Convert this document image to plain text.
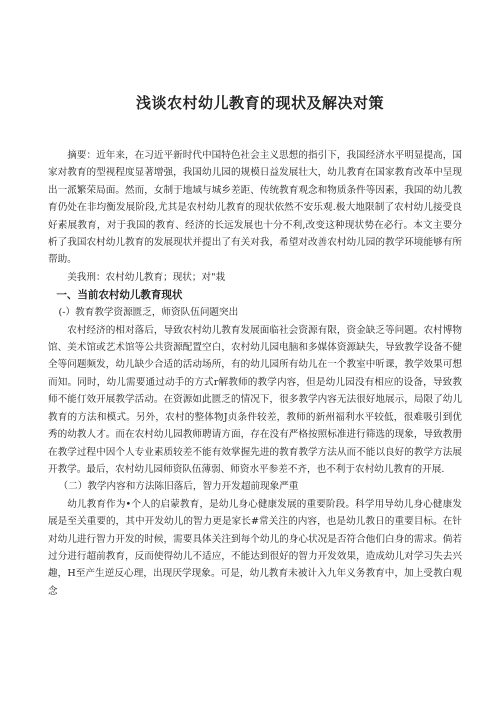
浅谈农村幼儿教育的现状及解决对策

摘要：近年来，在习近平新时代中国特色社会主义思想的指引下，我国经济水平明显提高，国家对教育的型视程度显著增强，我国幼儿园的规模日益发展壮大，幼儿教育在国家教育改革中呈现出一派繁荣局面。然而，女制于地域与城乡差距、传统教育观念和物质条件等因素，我国的幼儿教育仍处在非均衡发展阶段,尤其是农村幼儿教育的现状依然不安乐观.极大地限制了农村幼儿接受良好素展教育，对于我国的教育、经济的长远发展也十分不利,改变这种现状势在必行。本文主要分析了我国农村幼儿教育的发展现状并提出了有关对我，希望对改善农村幼儿园的教学环境能够有所帮助。

美我刑：农村幼儿教育；现状；对"栽

一、当前农村幼儿教育现状
(-）教育教学资源匮乏，师资队伍问题突出

农村经济的相对落后，导致农村幼儿教育发展面临社会资源有限，资金缺乏等问题。农村博物馆、美术馆或艺术馆等公共资源配置空白，农村幼儿园电脑和多媒体资源缺失，导致教学设备不健全等问题频发，幼儿缺少合适的活动场所，有的幼儿园所有幼儿在一个教室中听课，教学效果可想而知。同时，幼儿需要通过动手的方式r解教师的教学内容，但是幼儿园没有相应的设备，导致教师不能仃效开展教学活动。在资源如此匮乏的情况下，很多教学内容无法很好地展示，局限了幼儿教育的方法和模式。另外，农村的整体物J贞条件较差，教师的新州福利水平较低，很难吸引到优秀的幼教人才。而在农村幼儿园教师聘请方面，存在没有严格按照标准进行筛选的现象，导致教册在教学过程中因个人专业素质较差不能有效掌握先进的教育教学方法从而不能以良好的教学方法展开教学。最后，农村幼儿园师资队伍薄弱、师资水平参差不齐，也不利于农村幼儿教育的开展.

（二）教学内容和方法陈旧落后，智力开发超前现象严重

幼儿教育作为•个人的启蒙教育，是幼儿身心健康发展的重要阶段。科学用导幼儿身心健康发展是至关重要的，其中开发幼儿的智力更是家长#常关注的内容，也是幼儿教日的重要目标。在针对幼儿进行智力开发的时候，需要具体关注到每个幼儿的身心状况是否符合他们白身的需求。倘若过分进行超前教育，反而使得幼儿不适应，不能达到很好的智力开发效果，造成幼儿对学习失去兴趣，H至产生逆反心理，出现厌学现象。可是，幼儿教育未被计入九年义务教育中，加上受教白观念
